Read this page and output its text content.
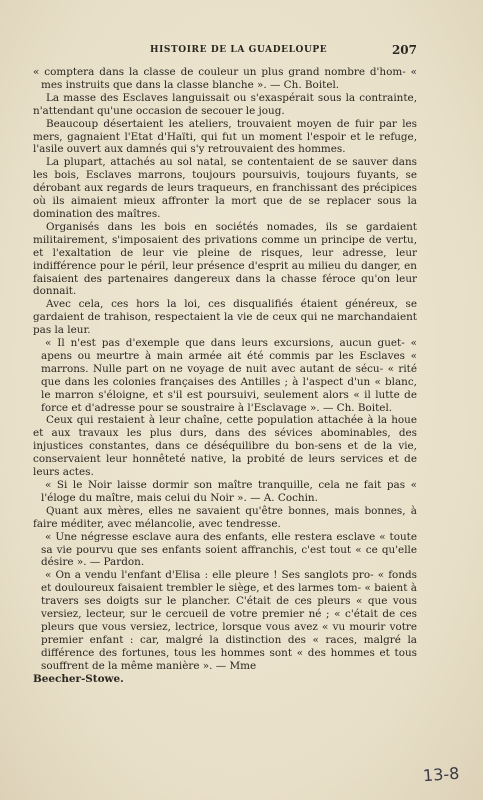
HISTOIRE DE LA GUADELOUPE	207

« comptera dans la classe de couleur un plus grand nombre d'hom- « mes instruits que dans la classe blanche ». — Ch. Boitel.

La masse des Esclaves languissait ou s'exaspérait sous la contrainte, n'attendant qu'une occasion de secouer le joug.

Beaucoup désertaient les ateliers, trouvaient moyen de fuir par les mers, gagnaient l'Etat d'Haïti, qui fut un moment l'espoir et le refuge, l'asile ouvert aux damnés qui s'y retrouvaient des hommes.

La plupart, attachés au sol natal, se contentaient de se sauver dans les bois, Esclaves marrons, toujours poursuivis, toujours fuyants, se dérobant aux regards de leurs traqueurs, en franchissant des précipices où ils aimaient mieux affronter la mort que de se replacer sous la domination des maîtres.

Organisés dans les bois en sociétés nomades, ils se gardaient militairement, s'imposaient des privations comme un principe de vertu, et l'exaltation de leur vie pleine de risques, leur adresse, leur indifférence pour le péril, leur présence d'esprit au milieu du danger, en faisaient des partenaires dangereux dans la chasse féroce qu'on leur donnait.

Avec cela, ces hors la loi, ces disqualifiés étaient généreux, se gardaient de trahison, respectaient la vie de ceux qui ne marchandaient pas la leur.

« Il n'est pas d'exemple que dans leurs excursions, aucun guet- « apens ou meurtre à main armée ait été commis par les Esclaves « marrons. Nulle part on ne voyage de nuit avec autant de sécu- « rité que dans les colonies françaises des Antilles ; à l'aspect d'un « blanc, le marron s'éloigne, et s'il est poursuivi, seulement alors « il lutte de force et d'adresse pour se soustraire à l'Esclavage ». — Ch. Boitel.

Ceux qui restaient à leur chaîne, cette population attachée à la houe et aux travaux les plus durs, dans des sévices abominables, des injustices constantes, dans ce déséquilibre du bon-sens et de la vie, conservaient leur honnêteté native, la probité de leurs services et de leurs actes.

« Si le Noir laisse dormir son maître tranquille, cela ne fait pas « l'éloge du maître, mais celui du Noir ». — A. Cochin.

Quant aux mères, elles ne savaient qu'être bonnes, mais bonnes, à faire méditer, avec mélancolie, avec tendresse.

« Une négresse esclave aura des enfants, elle restera esclave « toute sa vie pourvu que ses enfants soient affranchis, c'est tout « ce qu'elle désire ». — Pardon.

« On a vendu l'enfant d'Elisa : elle pleure ! Ses sanglots pro- « fonds et douloureux faisaient trembler le siège, et des larmes tom- « baient à travers ses doigts sur le plancher. C'était de ces pleurs « que vous versiez, lecteur, sur le cercueil de votre premier né ; « c'était de ces pleurs que vous versiez, lectrice, lorsque vous avez « vu mourir votre premier enfant : car, malgré la distinction des « races, malgré la différence des fortunes, tous les hommes sont « des hommes et tous souffrent de la même manière ». — Mme

Beecher-Stowe.

13-8
